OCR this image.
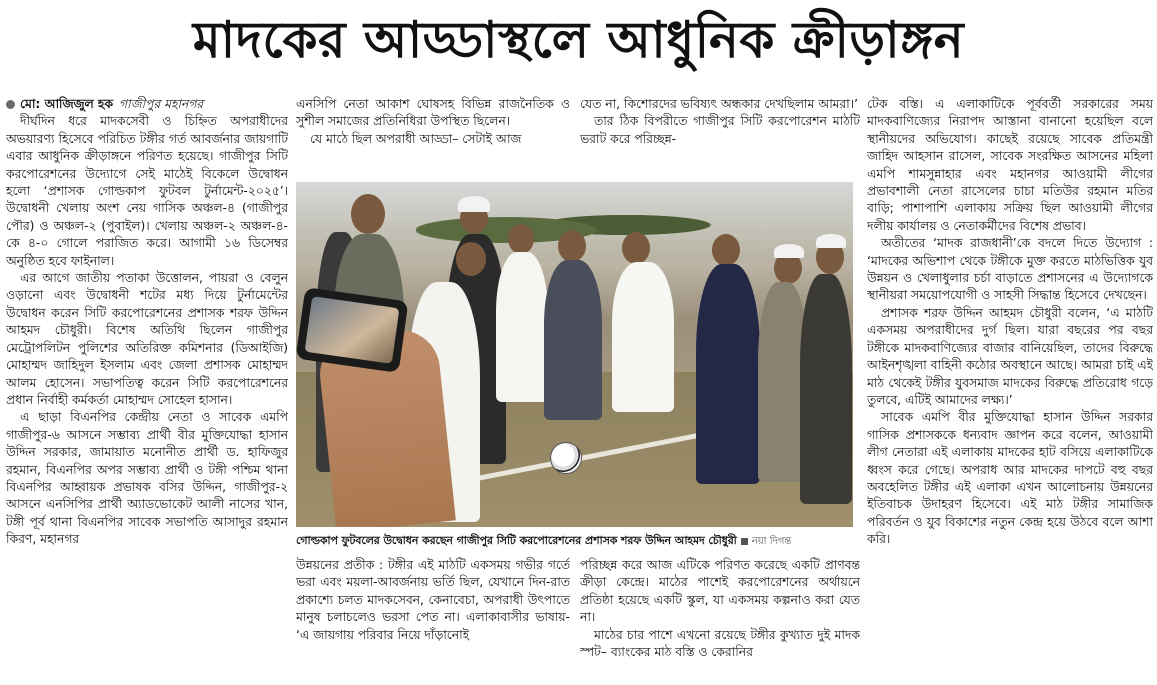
মাদকের আড্ডাস্থলে আধুনিক ক্রীড়াঙ্গন
মো: আজিজুল হক গাজীপুর মহানগর

দীর্ঘদিন ধরে মাদকসেবী ও চিহ্নিত অপরাধীদের অভয়ারণ্য হিসেবে পরিচিত টঙ্গীর গর্ত আবর্জনার জায়গাটি এবার আধুনিক ক্রীড়াঙ্গনে পরিণত হয়েছে। গাজীপুর সিটি করপোরেশনের উদ্যোগে সেই মাঠেই বিকেলে উদ্বোধন হলো ‘প্রশাসক গোল্ডকাপ ফুটবল টুর্নামেন্ট-২০২৫’। উদ্বোধনী খেলায় অংশ নেয় গাসিক অঞ্চল-৪ (গাজীপুর পৌর) ও অঞ্চল-২ (পুবাইল)। খেলায় অঞ্চল-২ অঞ্চল-৪-কে ৪-০ গোলে পরাজিত করে। আগামী ১৬ ডিসেম্বর অনুষ্ঠিত হবে ফাইনাল।

এর আগে জাতীয় পতাকা উত্তোলন, পায়রা ও বেলুন ওড়ানো এবং উদ্বোধনী শটের মধ্য দিয়ে টুর্নামেন্টের উদ্বোধন করেন সিটি করপোরেশনের প্রশাসক শরফ উদ্দিন আহমদ চৌধুরী। বিশেষ অতিথি ছিলেন গাজীপুর মেট্রোপলিটন পুলিশের অতিরিক্ত কমিশনার (ডিআইজি) মোহাম্মদ জাহিদুল ইসলাম এবং জেলা প্রশাসক মোহাম্মদ আলম হোসেন। সভাপতিত্ব করেন সিটি করপোরেশনের প্রধান নির্বাহী কর্মকর্তা মোহাম্মদ সোহেল হাসান।

এ ছাড়া বিএনপির কেন্দ্রীয় নেতা ও সাবেক এমপি গাজীপুর-৬ আসনে সম্ভাব্য প্রার্থী বীর মুক্তিযোদ্ধা হাসান উদ্দিন সরকার, জামায়াত মনোনীত প্রার্থী ড. হাফিজুর রহমান, বিএনপির অপর সম্ভাব্য প্রার্থী ও টঙ্গী পশ্চিম থানা বিএনপির আহ্বায়ক প্রভাষক বসির উদ্দিন, গাজীপুর-২ আসনে এনসিপির প্রার্থী অ্যাডভোকেট আলী নাসের খান, টঙ্গী পূর্ব থানা বিএনপির সাবেক সভাপতি আসাদুর রহমান কিরণ, মহানগর

এনসিপি নেতা আকাশ ঘোষসহ বিভিন্ন রাজনৈতিক ও সুশীল সমাজের প্রতিনিধিরা উপস্থিত ছিলেন।

যে মাঠে ছিল অপরাধী আড্ডা– সেটাই আজ

যেত না, কিশোরদের ভবিষ্যৎ অন্ধকার দেখছিলাম আমরা।’

তার ঠিক বিপরীতে গাজীপুর সিটি করপোরেশন মাঠটি ভরাট করে পরিচ্ছন্ন-

গোল্ডকাপ ফুটবলের উদ্বোধন করছেন গাজীপুর সিটি করপোরেশনের প্রশাসক শরফ উদ্দিন আহমদ চৌধুরী নয়া দিগন্ত

উন্নয়নের প্রতীক : টঙ্গীর এই মাঠটি একসময় গভীর গর্তে ভরা এবং ময়লা-আবর্জনায় ভর্তি ছিল, যেখানে দিন-রাত প্রকাশ্যে চলত মাদকসেবন, কেনাবেচা, অপরাধী উৎপাতে মানুষ চলাচলেও ভরসা পেত না। এলাকাবাসীর ভাষায়- ‘এ জায়গায় পরিবার নিয়ে দাঁড়ানোই

পরিচ্ছন্ন করে আজ এটিকে পরিণত করেছে একটি প্রাণবন্ত ক্রীড়া কেন্দ্রে। মাঠের পাশেই করপোরেশনের অর্থায়নে প্রতিষ্ঠা হয়েছে একটি স্কুল, যা একসময় কল্পনাও করা যেত না।

মাঠের চার পাশে এখনো রয়েছে টঙ্গীর কুখ্যাত দুই মাদক স্পট– ব্যাংকের মাঠ বস্তি ও কেরানির

টেক বস্তি। এ এলাকাটিকে পূর্ববর্তী সরকারের সময় মাদকবাণিজ্যের নিরাপদ আস্তানা বানানো হয়েছিল বলে স্থানীয়দের অভিযোগ। কাছেই রয়েছে সাবেক প্রতিমন্ত্রী জাহিদ আহসান রাসেল, সাবেক সংরক্ষিত আসনের মহিলা এমপি শামসুন্নাহার এবং মহানগর আওয়ামী লীগের প্রভাবশালী নেতা রাসেলের চাচা মতিউর রহমান মতির বাড়ি; পাশাপাশি এলাকায় সক্রিয় ছিল আওয়ামী লীগের দলীয় কার্যালয় ও নেতাকর্মীদের বিশেষ প্রভাব।

অতীতের ‘মাদক রাজধানী’কে বদলে দিতে উদ্যোগ : ‘মাদকের অভিশাপ থেকে টঙ্গীকে মুক্ত করতে মাঠভিত্তিক যুব উন্নয়ন ও খেলাধুলার চর্চা বাড়াতে প্রশাসনের এ উদ্যোগকে স্থানীয়রা সময়োপযোগী ও সাহসী সিদ্ধান্ত হিসেবে দেখছেন।

প্রশাসক শরফ উদ্দিন আহমদ চৌধুরী বলেন, ‘এ মাঠটি একসময় অপরাধীদের দুর্গ ছিল। যারা বছরের পর বছর টঙ্গীকে মাদকবাণিজ্যের বাজার বানিয়েছিল, তাদের বিরুদ্ধে আইনশৃঙ্খলা বাহিনী কঠোর অবস্থানে আছে। আমরা চাই এই মাঠ থেকেই টঙ্গীর যুবসমাজ মাদকের বিরুদ্ধে প্রতিরোধ গড়ে তুলবে, এটিই আমাদের লক্ষ্য।’

সাবেক এমপি বীর মুক্তিযোদ্ধা হাসান উদ্দিন সরকার গাসিক প্রশাসককে ধন্যবাদ জ্ঞাপন করে বলেন, আওয়ামী লীগ নেতারা এই এলাকায় মাদকের হাট বসিয়ে এলাকাটিকে ধ্বংস করে গেছে। অপরাধ আর মাদকের দাপটে বহু বছর অবহেলিত টঙ্গীর এই এলাকা এখন আলোচনায় উন্নয়নের ইতিবাচক উদাহরণ হিসেবে। এই মাঠ টঙ্গীর সামাজিক পরিবর্তন ও যুব বিকাশের নতুন কেন্দ্র হয়ে উঠবে বলে আশা করি।
